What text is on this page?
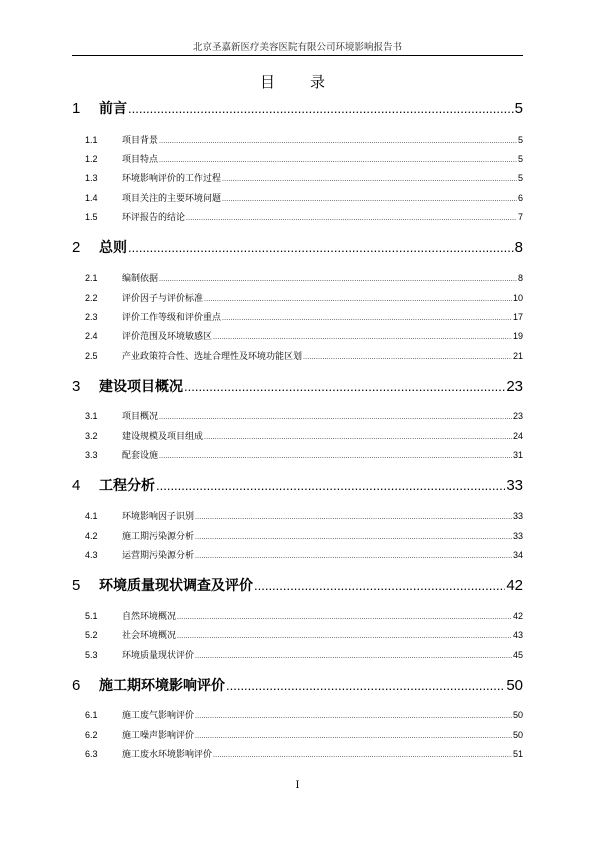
北京圣嘉新医疗美容医院有限公司环境影响报告书
目　录
1	前言 .....	5
1.1	项目背景 .....	5
1.2	项目特点 .....	5
1.3	环境影响评价的工作过程 .....	5
1.4	项目关注的主要环境问题 .....	6
1.5	环评报告的结论 .....	7
2	总则 .....	8
2.1	编制依据 .....	8
2.2	评价因子与评价标准 .....	10
2.3	评价工作等级和评价重点 .....	17
2.4	评价范围及环境敏感区 .....	19
2.5	产业政策符合性、选址合理性及环境功能区划 .....	21
3	建设项目概况 .....	23
3.1	项目概况 .....	23
3.2	建设规模及项目组成 .....	24
3.3	配套设施 .....	31
4	工程分析 .....	33
4.1	环境影响因子识别 .....	33
4.2	施工期污染源分析 .....	33
4.3	运营期污染源分析 .....	34
5	环境质量现状调查及评价 .....	42
5.1	自然环境概况 .....	42
5.2	社会环境概况 .....	43
5.3	环境质量现状评价 .....	45
6	施工期环境影响评价 .....	50
6.1	施工废气影响评价 .....	50
6.2	施工噪声影响评价 .....	50
6.3	施工废水环境影响评价 .....	51
I
